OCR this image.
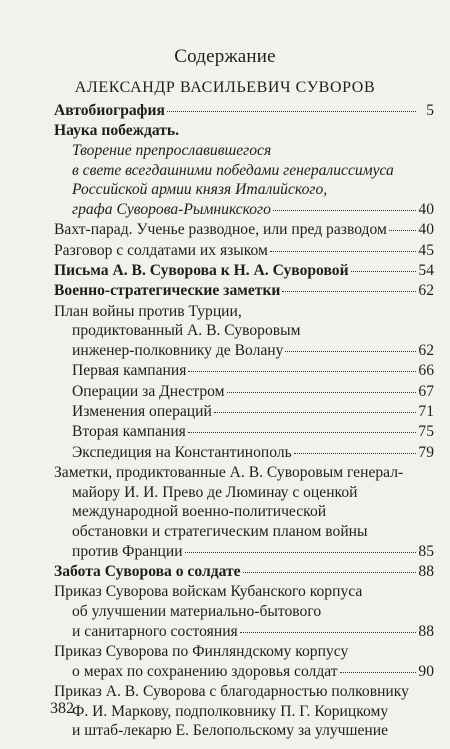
Содержание
АЛЕКСАНДР ВАСИЛЬЕВИЧ СУВОРОВ
Автобиография	5
Наука побеждать.
Творение препрославившегося
в свете всегдашними победами генералиссимуса
Российской армии князя Италийского,
графа Суворова-Рымникского	40
Вахт-парад. Ученье разводное, или пред разводом 40
Разговор с солдатами их языком	45
Письма А. В. Суворова к Н. А. Суворовой	54
Военно-стратегические заметки	62
План войны против Турции,
продиктованный А. В. Суворовым
инженер-полковнику де Волану	62
Первая кампания	66
Операции за Днестром	67
Изменения операций	71
Вторая кампания	75
Экспедиция на Константинополь	79
Заметки, продиктованные А. В. Суворовым генерал-
майору И. И. Прево де Люминау с оценкой
международной военно-политической
обстановки и стратегическим планом войны
против Франции	85
Забота Суворова о солдате	88
Приказ Суворова войскам Кубанского корпуса
об улучшении материально-бытового
и санитарного состояния	88
Приказ Суворова по Финляндскому корпусу
о мерах по сохранению здоровья солдат	90
Приказ А. В. Суворова с благодарностью полковнику
Ф. И. Маркову, подполковнику П. Г. Корицкому
и штаб-лекарю Е. Белопольскому за улучшение
382
